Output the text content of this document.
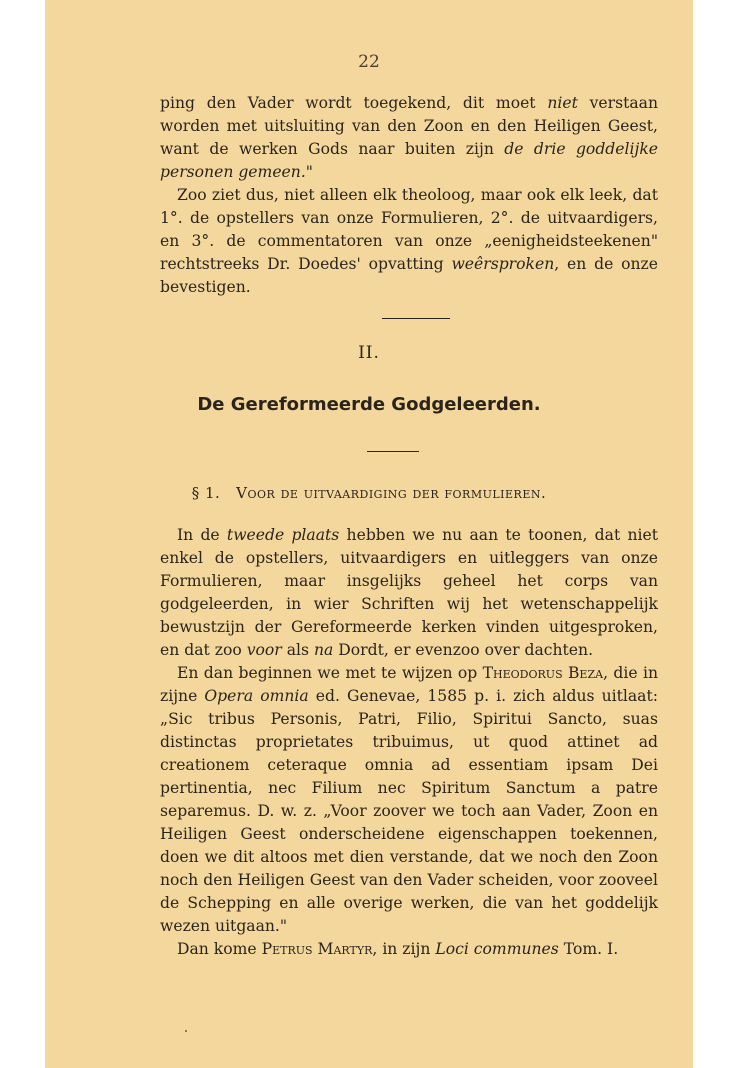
22

ping den Vader wordt toegekend, dit moet niet verstaan worden met uitsluiting van den Zoon en den Heiligen Geest, want de werken Gods naar buiten zijn de drie goddelijke personen gemeen."

Zoo ziet dus, niet alleen elk theoloog, maar ook elk leek, dat 1°. de opstellers van onze Formulieren, 2°. de uitvaardigers, en 3°. de commentatoren van onze „eenigheidsteekenen" rechtstreeks Dr. Doedes' opvatting weêrsproken, en de onze bevestigen.

II.
De Gereformeerde Godgeleerden.
§ 1. Voor de uitvaardiging der formulieren.

In de tweede plaats hebben we nu aan te toonen, dat niet enkel de opstellers, uitvaardigers en uitleggers van onze Formulieren, maar insgelijks geheel het corps van godgeleerden, in wier Schriften wij het wetenschappelijk bewustzijn der Gereformeerde kerken vinden uitgesproken, en dat zoo voor als na Dordt, er evenzoo over dachten.

En dan beginnen we met te wijzen op Theodorus Beza, die in zijne Opera omnia ed. Genevae, 1585 p. i. zich aldus uitlaat: „Sic tribus Personis, Patri, Filio, Spiritui Sancto, suas distinctas proprietates tribuimus, ut quod attinet ad creationem ceteraque omnia ad essentiam ipsam Dei pertinentia, nec Filium nec Spiritum Sanctum a patre separemus. D. w. z. „Voor zoover we toch aan Vader, Zoon en Heiligen Geest onderscheidene eigenschappen toekennen, doen we dit altoos met dien verstande, dat we noch den Zoon noch den Heiligen Geest van den Vader scheiden, voor zooveel de Schepping en alle overige werken, die van het goddelijk wezen uitgaan."

Dan kome Petrus Martyr, in zijn Loci communes Tom. I.
